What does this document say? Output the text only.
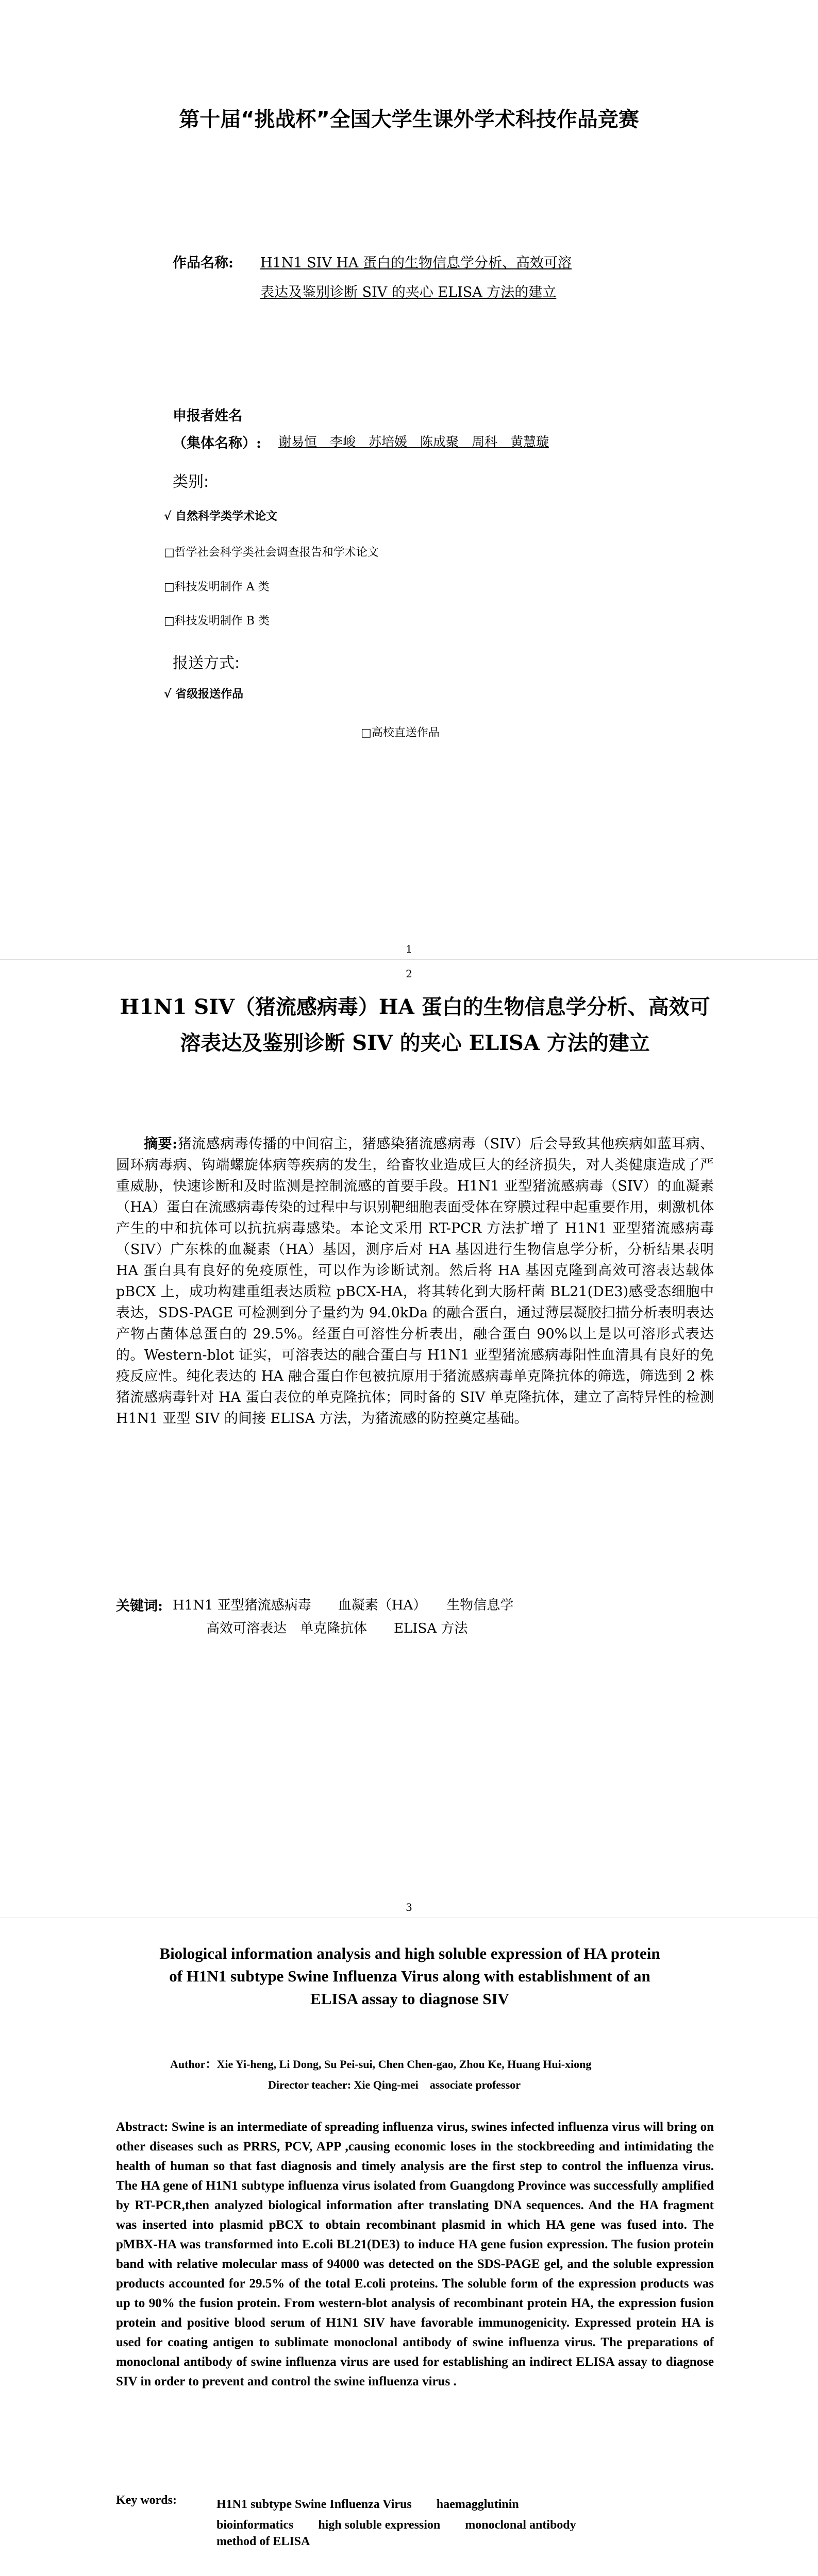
第十届“挑战杯”全国大学生课外学术科技作品竞赛
作品名称: H1N1 SIV HA 蛋白的生物信息学分析、高效可溶
表达及鉴别诊断 SIV 的夹心 ELISA 方法的建立
申报者姓名
（集体名称）: 谢易恒　李峻　苏培媛　陈成聚　周科　黄慧璇
类别:
√ 自然科学类学术论文
□哲学社会科学类社会调查报告和学术论文
□科技发明制作 A 类
□科技发明制作 B 类
报送方式:
√ 省级报送作品
□高校直送作品
1
2
H1N1 SIV（猪流感病毒）HA 蛋白的生物信息学分析、高效可溶表达及鉴别诊断 SIV 的夹心 ELISA 方法的建立

摘要:猪流感病毒传播的中间宿主，猪感染猪流感病毒（SIV）后会导致其他疾病如蓝耳病、圆环病毒病、钩端螺旋体病等疾病的发生，给畜牧业造成巨大的经济损失，对人类健康造成了严重威胁，快速诊断和及时监测是控制流感的首要手段。H1N1 亚型猪流感病毒（SIV）的血凝素（HA）蛋白在流感病毒传染的过程中与识别靶细胞表面受体在穿膜过程中起重要作用，刺激机体产生的中和抗体可以抗抗病毒感染。本论文采用 RT-PCR 方法扩增了 H1N1 亚型猪流感病毒（SIV）广东株的血凝素（HA）基因，测序后对 HA 基因进行生物信息学分析，分析结果表明 HA 蛋白具有良好的免疫原性，可以作为诊断试剂。然后将 HA 基因克隆到高效可溶表达载体 pBCX 上，成功构建重组表达质粒 pBCX-HA，将其转化到大肠杆菌 BL21(DE3)感受态细胞中表达，SDS-PAGE 可检测到分子量约为 94.0kDa 的融合蛋白，通过薄层凝胶扫描分析表明表达产物占菌体总蛋白的 29.5%。经蛋白可溶性分析表出，融合蛋白 90%以上是以可溶形式表达的。Western-blot 证实，可溶表达的融合蛋白与 H1N1 亚型猪流感病毒阳性血清具有良好的免疫反应性。纯化表达的 HA 融合蛋白作包被抗原用于猪流感病毒单克隆抗体的筛选，筛选到 2 株猪流感病毒针对 HA 蛋白表位的单克隆抗体；同时备的 SIV 单克隆抗体，建立了高特异性的检测 H1N1 亚型 SIV 的间接 ELISA 方法，为猪流感的防控奠定基础。

关键词: H1N1 亚型猪流感病毒　　血凝素（HA）　　生物信息学
高效可溶表达　单克隆抗体　　ELISA 方法
3
Biological information analysis and high soluble expression of HA protein of H1N1 subtype Swine Influenza Virus along with establishment of an ELISA assay to diagnose SIV
Author：Xie Yi-heng, Li Dong, Su Pei-sui, Chen Chen-gao, Zhou Ke, Huang Hui-xiong
Director teacher: Xie Qing-mei　associate professor
Abstract: Swine is an intermediate of spreading influenza virus, swines infected influenza virus will bring on other diseases such as PRRS, PCV, APP ,causing economic loses in the stockbreeding and intimidating the health of human so that fast diagnosis and timely analysis are the first step to control the influenza virus. The HA gene of H1N1 subtype influenza virus isolated from Guangdong Province was successfully amplified by RT-PCR,then analyzed biological information after translating DNA sequences. And the HA fragment was inserted into plasmid pBCX to obtain recombinant plasmid in which HA gene was fused into. The pMBX-HA was transformed into E.coli BL21(DE3) to induce HA gene fusion expression. The fusion protein band with relative molecular mass of 94000 was detected on the SDS-PAGE gel, and the soluble expression products accounted for 29.5% of the total E.coli proteins. The soluble form of the expression products was up to 90% the fusion protein. From western-blot analysis of recombinant protein HA, the expression fusion protein and positive blood serum of H1N1 SIV have favorable immunogenicity. Expressed protein HA is used for coating antigen to sublimate monoclonal antibody of swine influenza virus. The preparations of monoclonal antibody of swine influenza virus are used for establishing an indirect ELISA assay to diagnose SIV in order to prevent and control the swine influenza virus .
Key words:	H1N1 subtype Swine Influenza Virus　　haemagglutinin
bioinformatics　　high soluble expression　　monoclonal antibody
method of ELISA
